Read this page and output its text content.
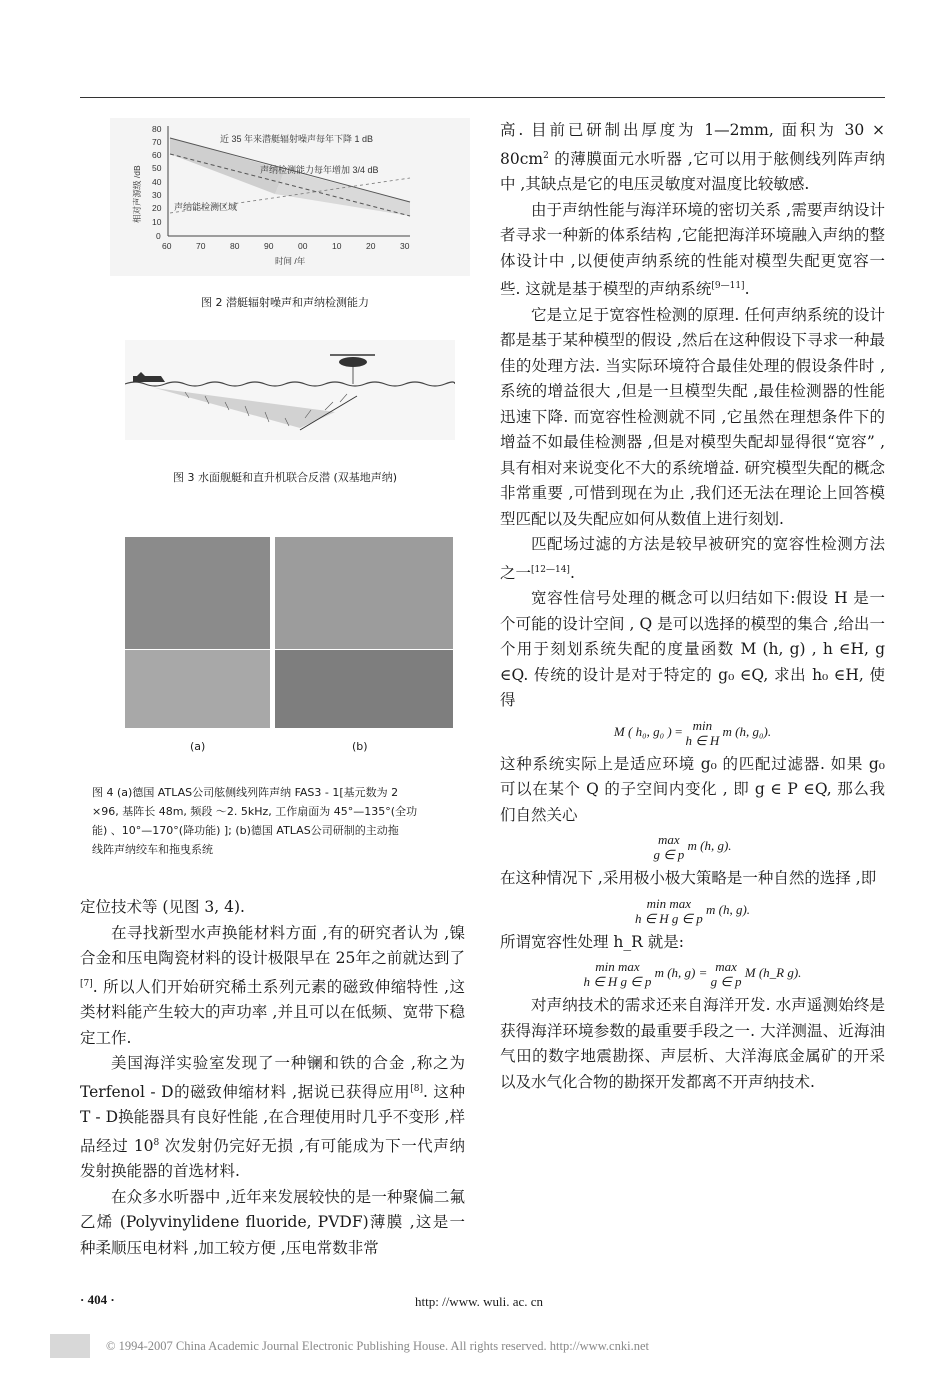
80
70
60
50
40
30
20
10
0
60	70	80	90	00	10	20	30
时间 /年
相对声源级 /dB
近 35 年来潜艇辐射噪声每年下降 1 dB
声纳检测能力每年增加 3/4 dB
声纳能检测区域
图 2 潜艇辐射噪声和声纳检测能力
图 3 水面舰艇和直升机联合反潜 (双基地声纳)
(a)	(b)
图 4 (a)德国 ATLAS公司舷侧线列阵声纳 FAS3 - 1[基元数为 2
×96, 基阵长 48m, 频段 ～2. 5kHz, 工作扇面为 45°—135°(全功
能) 、10°—170°(降功能) ]; (b)德国 ATLAS公司研制的主动拖
线阵声纳绞车和拖曳系统

定位技术等 (见图 3, 4).

在寻找新型水声换能材料方面 ,有的研究者认为 ,镍合金和压电陶瓷材料的设计极限早在 25年之前就达到了[7]. 所以人们开始研究稀土系列元素的磁致伸缩特性 ,这类材料能产生较大的声功率 ,并且可以在低频、宽带下稳定工作.

美国海洋实验室发现了一种镧和铁的合金 ,称之为 Terfenol - D的磁致伸缩材料 ,据说已获得应用[8]. 这种 T - D换能器具有良好性能 ,在合理使用时几乎不变形 ,样品经过 $10^8$ 次发射仍完好无损 ,有可能成为下一代声纳发射换能器的首选材料.

在众多水听器中 ,近年来发展较快的是一种聚偏二氟乙烯 (Polyvinylidene fluoride, PVDF)薄膜 ,这是一种柔顺压电材料 ,加工较方便 ,压电常数非常

高. 目前已研制出厚度为 1—2mm, 面积为 $30 \times 80cm^2$ 的薄膜面元水听器 ,它可以用于舷侧线列阵声纳中 ,其缺点是它的电压灵敏度对温度比较敏感.

由于声纳性能与海洋环境的密切关系 ,需要声纳设计者寻求一种新的体系结构 ,它能把海洋环境融入声纳的整体设计中 ,以便使声纳系统的性能对模型失配更宽容一些. 这就是基于模型的声纳系统[9—11].

它是立足于宽容性检测的原理. 任何声纳系统的设计都是基于某种模型的假设 ,然后在这种假设下寻求一种最佳的处理方法. 当实际环境符合最佳处理的假设条件时 ,系统的增益很大 ,但是一旦模型失配 ,最佳检测器的性能迅速下降. 而宽容性检测就不同 ,它虽然在理想条件下的增益不如最佳检测器 ,但是对模型失配却显得很“宽容” ,具有相对来说变化不大的系统增益. 研究模型失配的概念非常重要 ,可惜到现在为止 ,我们还无法在理论上回答模型匹配以及失配应如何从数值上进行刻划.

匹配场过滤的方法是较早被研究的宽容性检测方法之一[12—14].

宽容性信号处理的概念可以归结如下:假设 H 是一个可能的设计空间 , Q 是可以选择的模型的集合 ,给出一个用于刻划系统失配的度量函数 M (h, g) , h ∈H, g ∈Q. 传统的设计是对于特定的 g₀ ∈Q, 求出 h₀ ∈H, 使得

M ( h₀, g₀ ) = min
h ∈ H
m (h, g₀).

这种系统实际上是适应环境 g₀ 的匹配过滤器. 如果 g₀ 可以在某个 Q 的子空间内变化 , 即 g ∈ P ∈Q, 那么我们自然关心

max
g ∈ p
m (h, g).

在这种情况下 ,采用极小极大策略是一种自然的选择 ,即

min max
h ∈ H g ∈ p
m (h, g).

所谓宽容性处理 h_R 就是:

min max
h ∈ H g ∈ p
m (h, g) = max
g ∈ p
M (h_R g).

对声纳技术的需求还来自海洋开发. 水声遥测始终是获得海洋环境参数的最重要手段之一. 大洋测温、近海油气田的数字地震勘探、声层析、大洋海底金属矿的开采以及水气化合物的勘探开发都离不开声纳技术.

· 404 ·	http: //www. wuli. ac. cn
© 1994-2007 China Academic Journal Electronic Publishing House. All rights reserved. http://www.cnki.net
